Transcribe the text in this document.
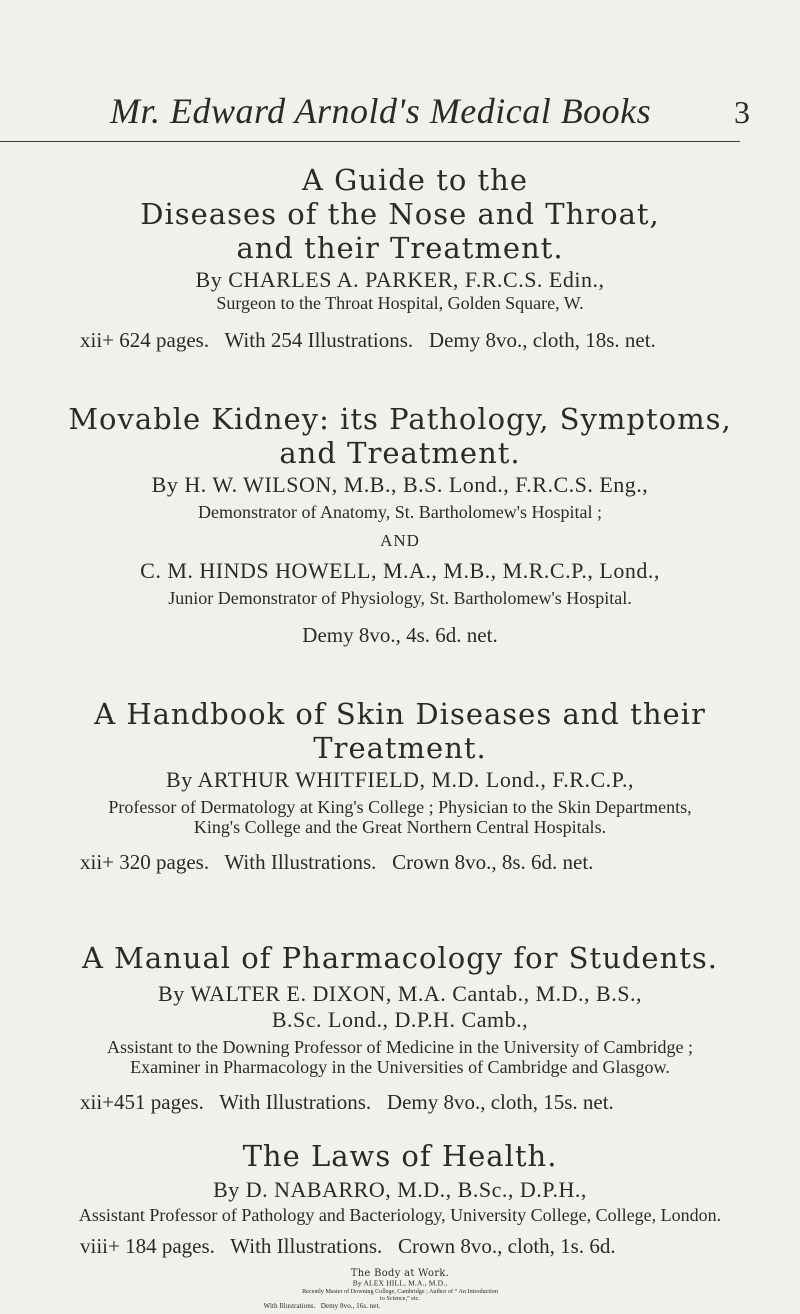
Mr. Edward Arnold's Medical Books	3

A Guide to the

Diseases of the Nose and Throat,

and their Treatment.

By CHARLES A. PARKER, F.R.C.S. Edin.,

Surgeon to the Throat Hospital, Golden Square, W.

xii+ 624 pages.   With 254 Illustrations.   Demy 8vo., cloth, 18s. net.

Movable Kidney: its Pathology, Symptoms,

and Treatment.

By H. W. WILSON, M.B., B.S. Lond., F.R.C.S. Eng.,

Demonstrator of Anatomy, St. Bartholomew's Hospital ;

AND

C. M. HINDS HOWELL, M.A., M.B., M.R.C.P., Lond.,

Junior Demonstrator of Physiology, St. Bartholomew's Hospital.

Demy 8vo., 4s. 6d. net.

A Handbook of Skin Diseases and their

Treatment.

By ARTHUR WHITFIELD, M.D. Lond., F.R.C.P.,

Professor of Dermatology at King's College ; Physician to the Skin Departments,

King's College and the Great Northern Central Hospitals.

xii+ 320 pages.   With Illustrations.   Crown 8vo., 8s. 6d. net.

A Manual of Pharmacology for Students.

By WALTER E. DIXON, M.A. Cantab., M.D., B.S.,

B.Sc. Lond., D.P.H. Camb.,

Assistant to the Downing Professor of Medicine in the University of Cambridge ;

Examiner in Pharmacology in the Universities of Cambridge and Glasgow.

xii+451 pages.   With Illustrations.   Demy 8vo., cloth, 15s. net.

The Laws of Health.

By D. NABARRO, M.D., B.Sc., D.P.H.,

Assistant Professor of Pathology and Bacteriology, University College, College, London.

viii+ 184 pages.   With Illustrations.   Crown 8vo., cloth, 1s. 6d.

The Body at Work.

By ALEX HILL, M.A., M.D.,

Recently Master of Downing College, Cambridge ; Author of “ An Introduction

to Science,” etc.

With Illustrations.   Demy 8vo., 16s. net.
